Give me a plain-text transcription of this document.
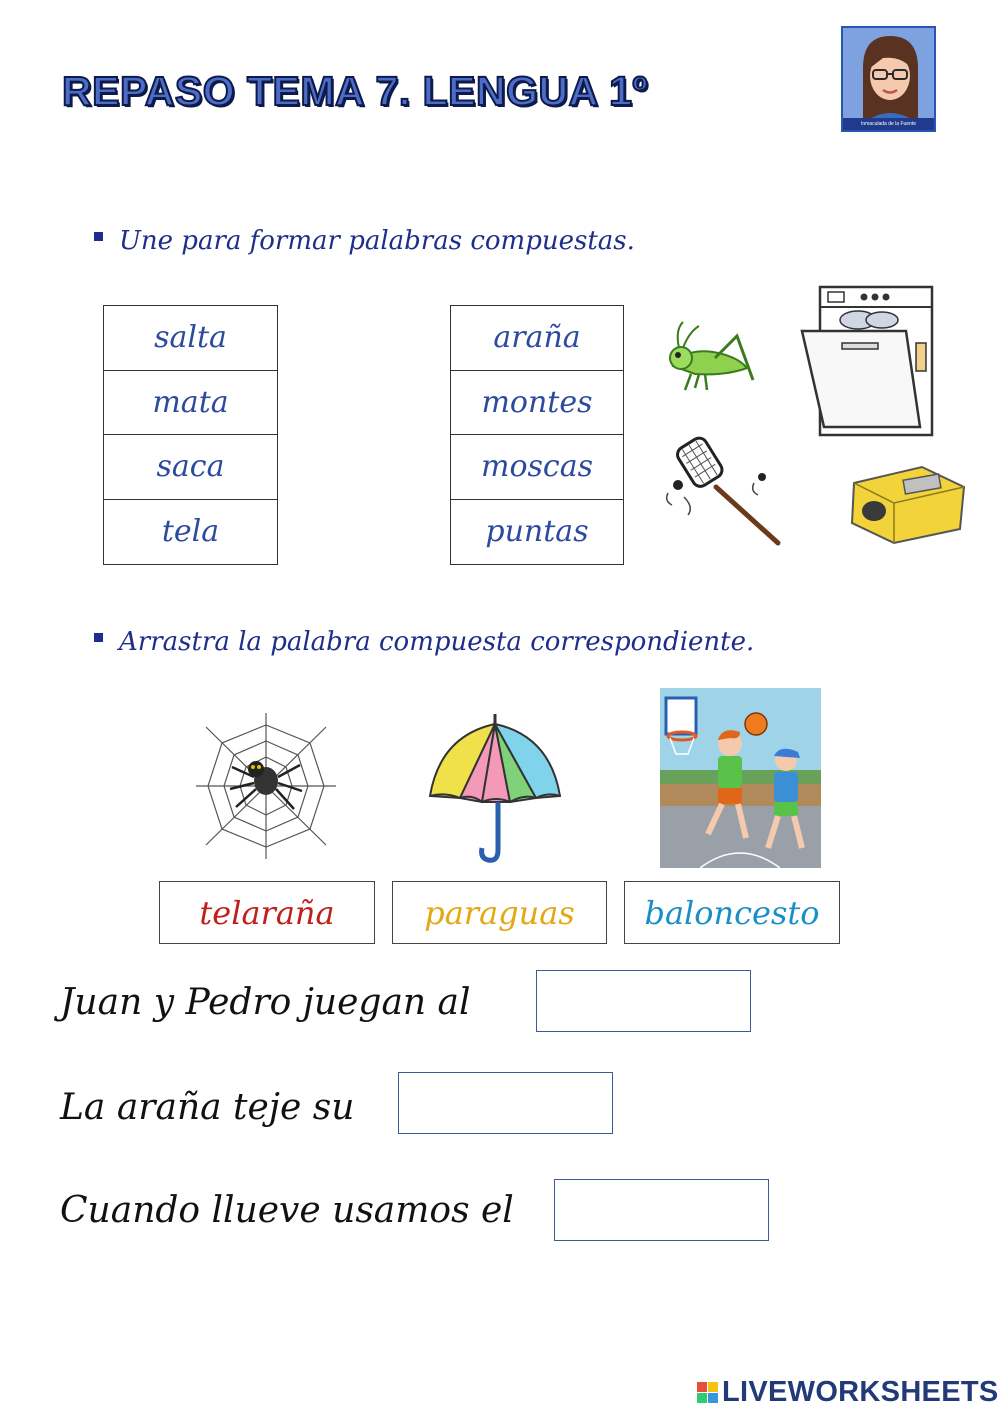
REPASO TEMA 7. LENGUA 1º
Inmaculada de la Fuente
Une para formar palabras compuestas.
salta
mata
saca
tela
araña
montes
moscas
puntas
Arrastra la palabra compuesta correspondiente.
telaraña	paraguas baloncesto
Juan y Pedro juegan al
La araña teje su
Cuando llueve usamos el
LIVEWORKSHEETS
